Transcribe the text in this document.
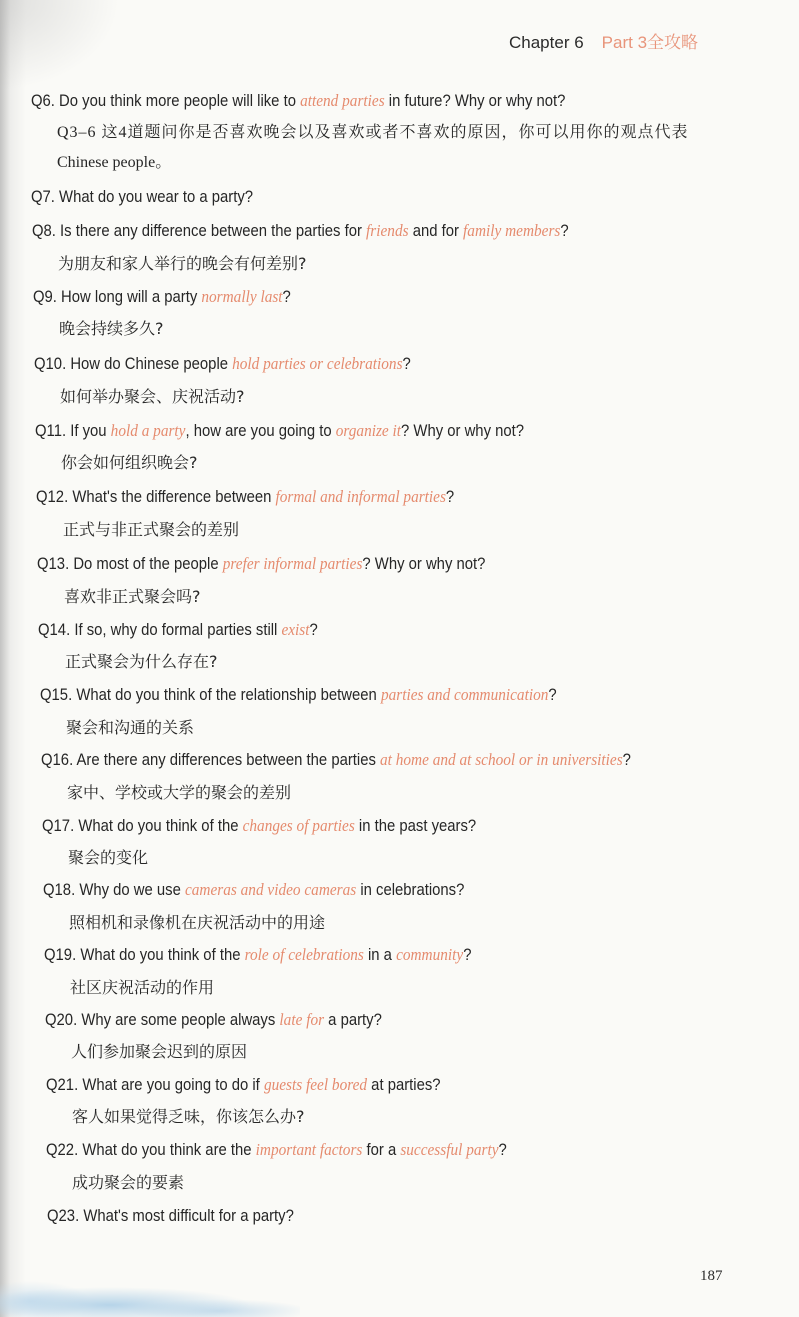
Chapter 6 Part 3全攻略
Q6. Do you think more people will like to attend parties in future? Why or why not?
Q3–6 这4道题问你是否喜欢晚会以及喜欢或者不喜欢的原因，你可以用你的观点代表
Chinese people。
Q7. What do you wear to a party?
Q8. Is there any difference between the parties for friends and for family members?
为朋友和家人举行的晚会有何差别?
Q9. How long will a party normally last?
晚会持续多久?
Q10. How do Chinese people hold parties or celebrations?
如何举办聚会、庆祝活动?
Q11. If you hold a party, how are you going to organize it? Why or why not?
你会如何组织晚会?
Q12. What's the difference between formal and informal parties?
正式与非正式聚会的差别
Q13. Do most of the people prefer informal parties? Why or why not?
喜欢非正式聚会吗?
Q14. If so, why do formal parties still exist?
正式聚会为什么存在?
Q15. What do you think of the relationship between parties and communication?
聚会和沟通的关系
Q16. Are there any differences between the parties at home and at school or in universities?
家中、学校或大学的聚会的差别
Q17. What do you think of the changes of parties in the past years?
聚会的变化
Q18. Why do we use cameras and video cameras in celebrations?
照相机和录像机在庆祝活动中的用途
Q19. What do you think of the role of celebrations in a community?
社区庆祝活动的作用
Q20. Why are some people always late for a party?
人们参加聚会迟到的原因
Q21. What are you going to do if guests feel bored at parties?
客人如果觉得乏味，你该怎么办?
Q22. What do you think are the important factors for a successful party?
成功聚会的要素
Q23. What's most difficult for a party?
187
